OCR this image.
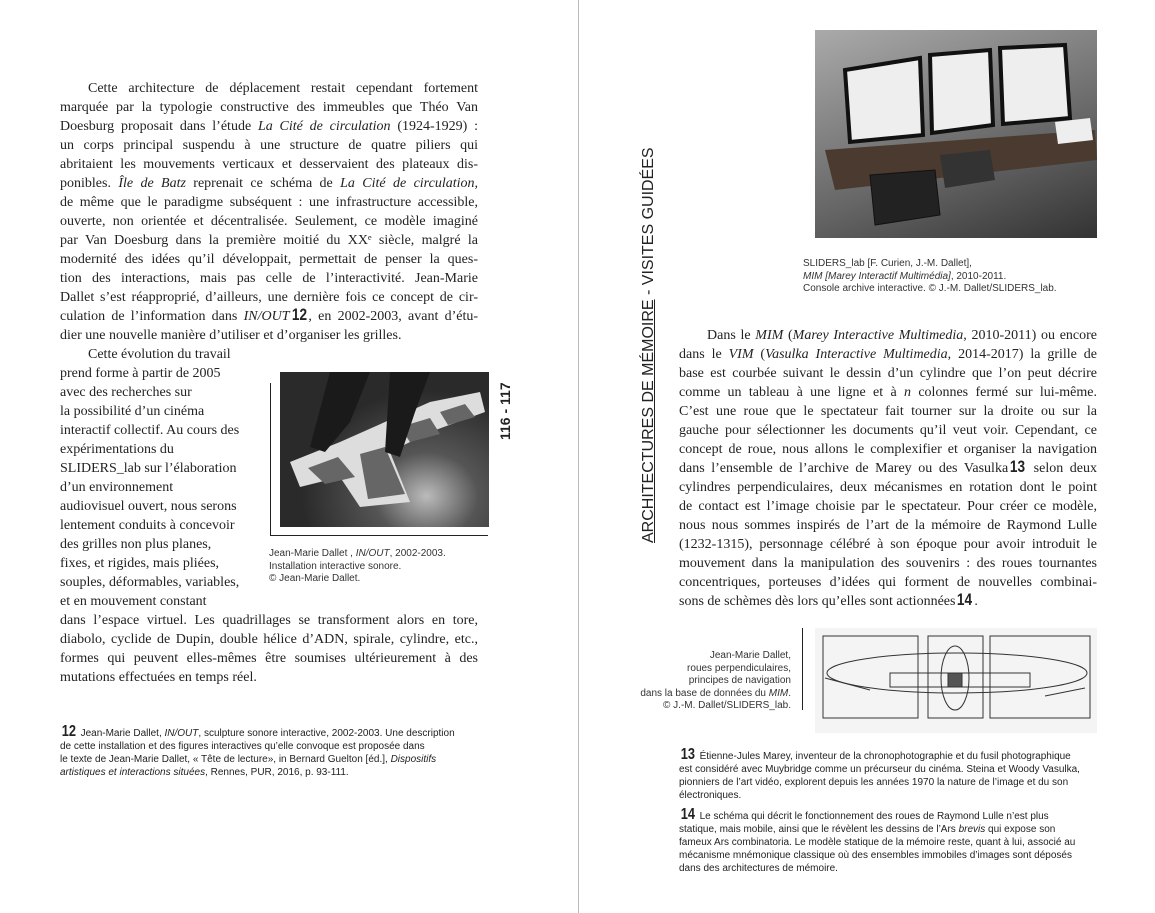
Cette architecture de déplacement restait cependant fortement
marquée par la typologie constructive des immeubles que Théo Van
Doesburg proposait dans l’étude La Cité de circulation (1924-1929) :
un corps principal suspendu à une structure de quatre piliers qui
abritaient les mouvements verticaux et desservaient des plateaux dis-
ponibles. Île de Batz reprenait ce schéma de La Cité de circulation,
de même que le paradigme subséquent : une infrastructure accessible,
ouverte, non orientée et décentralisée. Seulement, ce modèle imaginé
par Van Doesburg dans la première moitié du XXᵉ siècle, malgré la
modernité des idées qu’il développait, permettait de penser la ques-
tion des interactions, mais pas celle de l’interactivité. Jean-Marie
Dallet s’est réapproprié, d’ailleurs, une dernière fois ce concept de cir-
culation de l’information dans IN/OUT 12 , en 2002-2003, avant d’étu-
dier une nouvelle manière d’utiliser et d’organiser les grilles.
Cette évolution du travail
prend forme à partir de 2005
avec des recherches sur
la possibilité d’un cinéma
interactif collectif. Au cours des
expérimentations du
SLIDERS_lab sur l’élaboration
d’un environnement
audiovisuel ouvert, nous serons
lentement conduits à concevoir
des grilles non plus planes,
fixes, et rigides, mais pliées,
souples, déformables, variables,
et en mouvement constant
dans l’espace virtuel. Les quadrillages se transforment alors en tore,
diabolo, cyclide de Dupin, double hélice d’ADN, spirale, cylindre, etc.,
formes qui peuvent elles-mêmes être soumises ultérieurement à des
mutations effectuées en temps réel.
Jean-Marie Dallet , IN/OUT, 2002-2003.
Installation interactive sonore.
© Jean-Marie Dallet.
116 - 117
12 Jean-Marie Dallet, IN/OUT, sculpture sonore interactive, 2002-2003. Une description
de cette installation et des figures interactives qu’elle convoque est proposée dans
le texte de Jean-Marie Dallet, « Tête de lecture», in Bernard Guelton [éd.], Dispositifs
artistiques et interactions situées, Rennes, PUR, 2016, p. 93-111.
SLIDERS_lab [F. Curien, J.-M. Dallet],
MIM [Marey Interactif Multimédia], 2010-2011.
Console archive interactive. © J.-M. Dallet/SLIDERS_lab.
ARCHITECTURES DE MÉMOIRE - VISITES GUIDÉES
Dans le MIM (Marey Interactive Multimedia, 2010-2011) ou encore
dans le VIM (Vasulka Interactive Multimedia, 2014-2017) la grille de
base est courbée suivant le dessin d’un cylindre que l’on peut décrire
comme un tableau à une ligne et à n colonnes fermé sur lui-même.
C’est une roue que le spectateur fait tourner sur la droite ou sur la
gauche pour sélectionner les documents qu’il veut voir. Cependant, ce
concept de roue, nous allons le complexifier et organiser la navigation
dans l’ensemble de l’archive de Marey ou des Vasulka 13 selon deux
cylindres perpendiculaires, deux mécanismes en rotation dont le point
de contact est l’image choisie par le spectateur. Pour créer ce modèle,
nous nous sommes inspirés de l’art de la mémoire de Raymond Lulle
(1232-1315), personnage célébré à son époque pour avoir introduit le
mouvement dans la manipulation des souvenirs : des roues tournantes
concentriques, porteuses d’idées qui forment de nouvelles combinai-
sons de schèmes dès lors qu’elles sont actionnées 14 .
Jean-Marie Dallet,
roues perpendiculaires,
principes de navigation
dans la base de données du MIM.
© J.-M. Dallet/SLIDERS_lab.
13 Étienne-Jules Marey, inventeur de la chronophotographie et du fusil photographique
est considéré avec Muybridge comme un précurseur du cinéma. Steina et Woody Vasulka,
pionniers de l’art vidéo, explorent depuis les années 1970 la nature de l’image et du son
électroniques.
14 Le schéma qui décrit le fonctionnement des roues de Raymond Lulle n’est plus
statique, mais mobile, ainsi que le révèlent les dessins de l’Ars brevis qui expose son
fameux Ars combinatoria. Le modèle statique de la mémoire reste, quant à lui, associé au
mécanisme mnémonique classique où des ensembles immobiles d’images sont déposés
dans des architectures de mémoire.
